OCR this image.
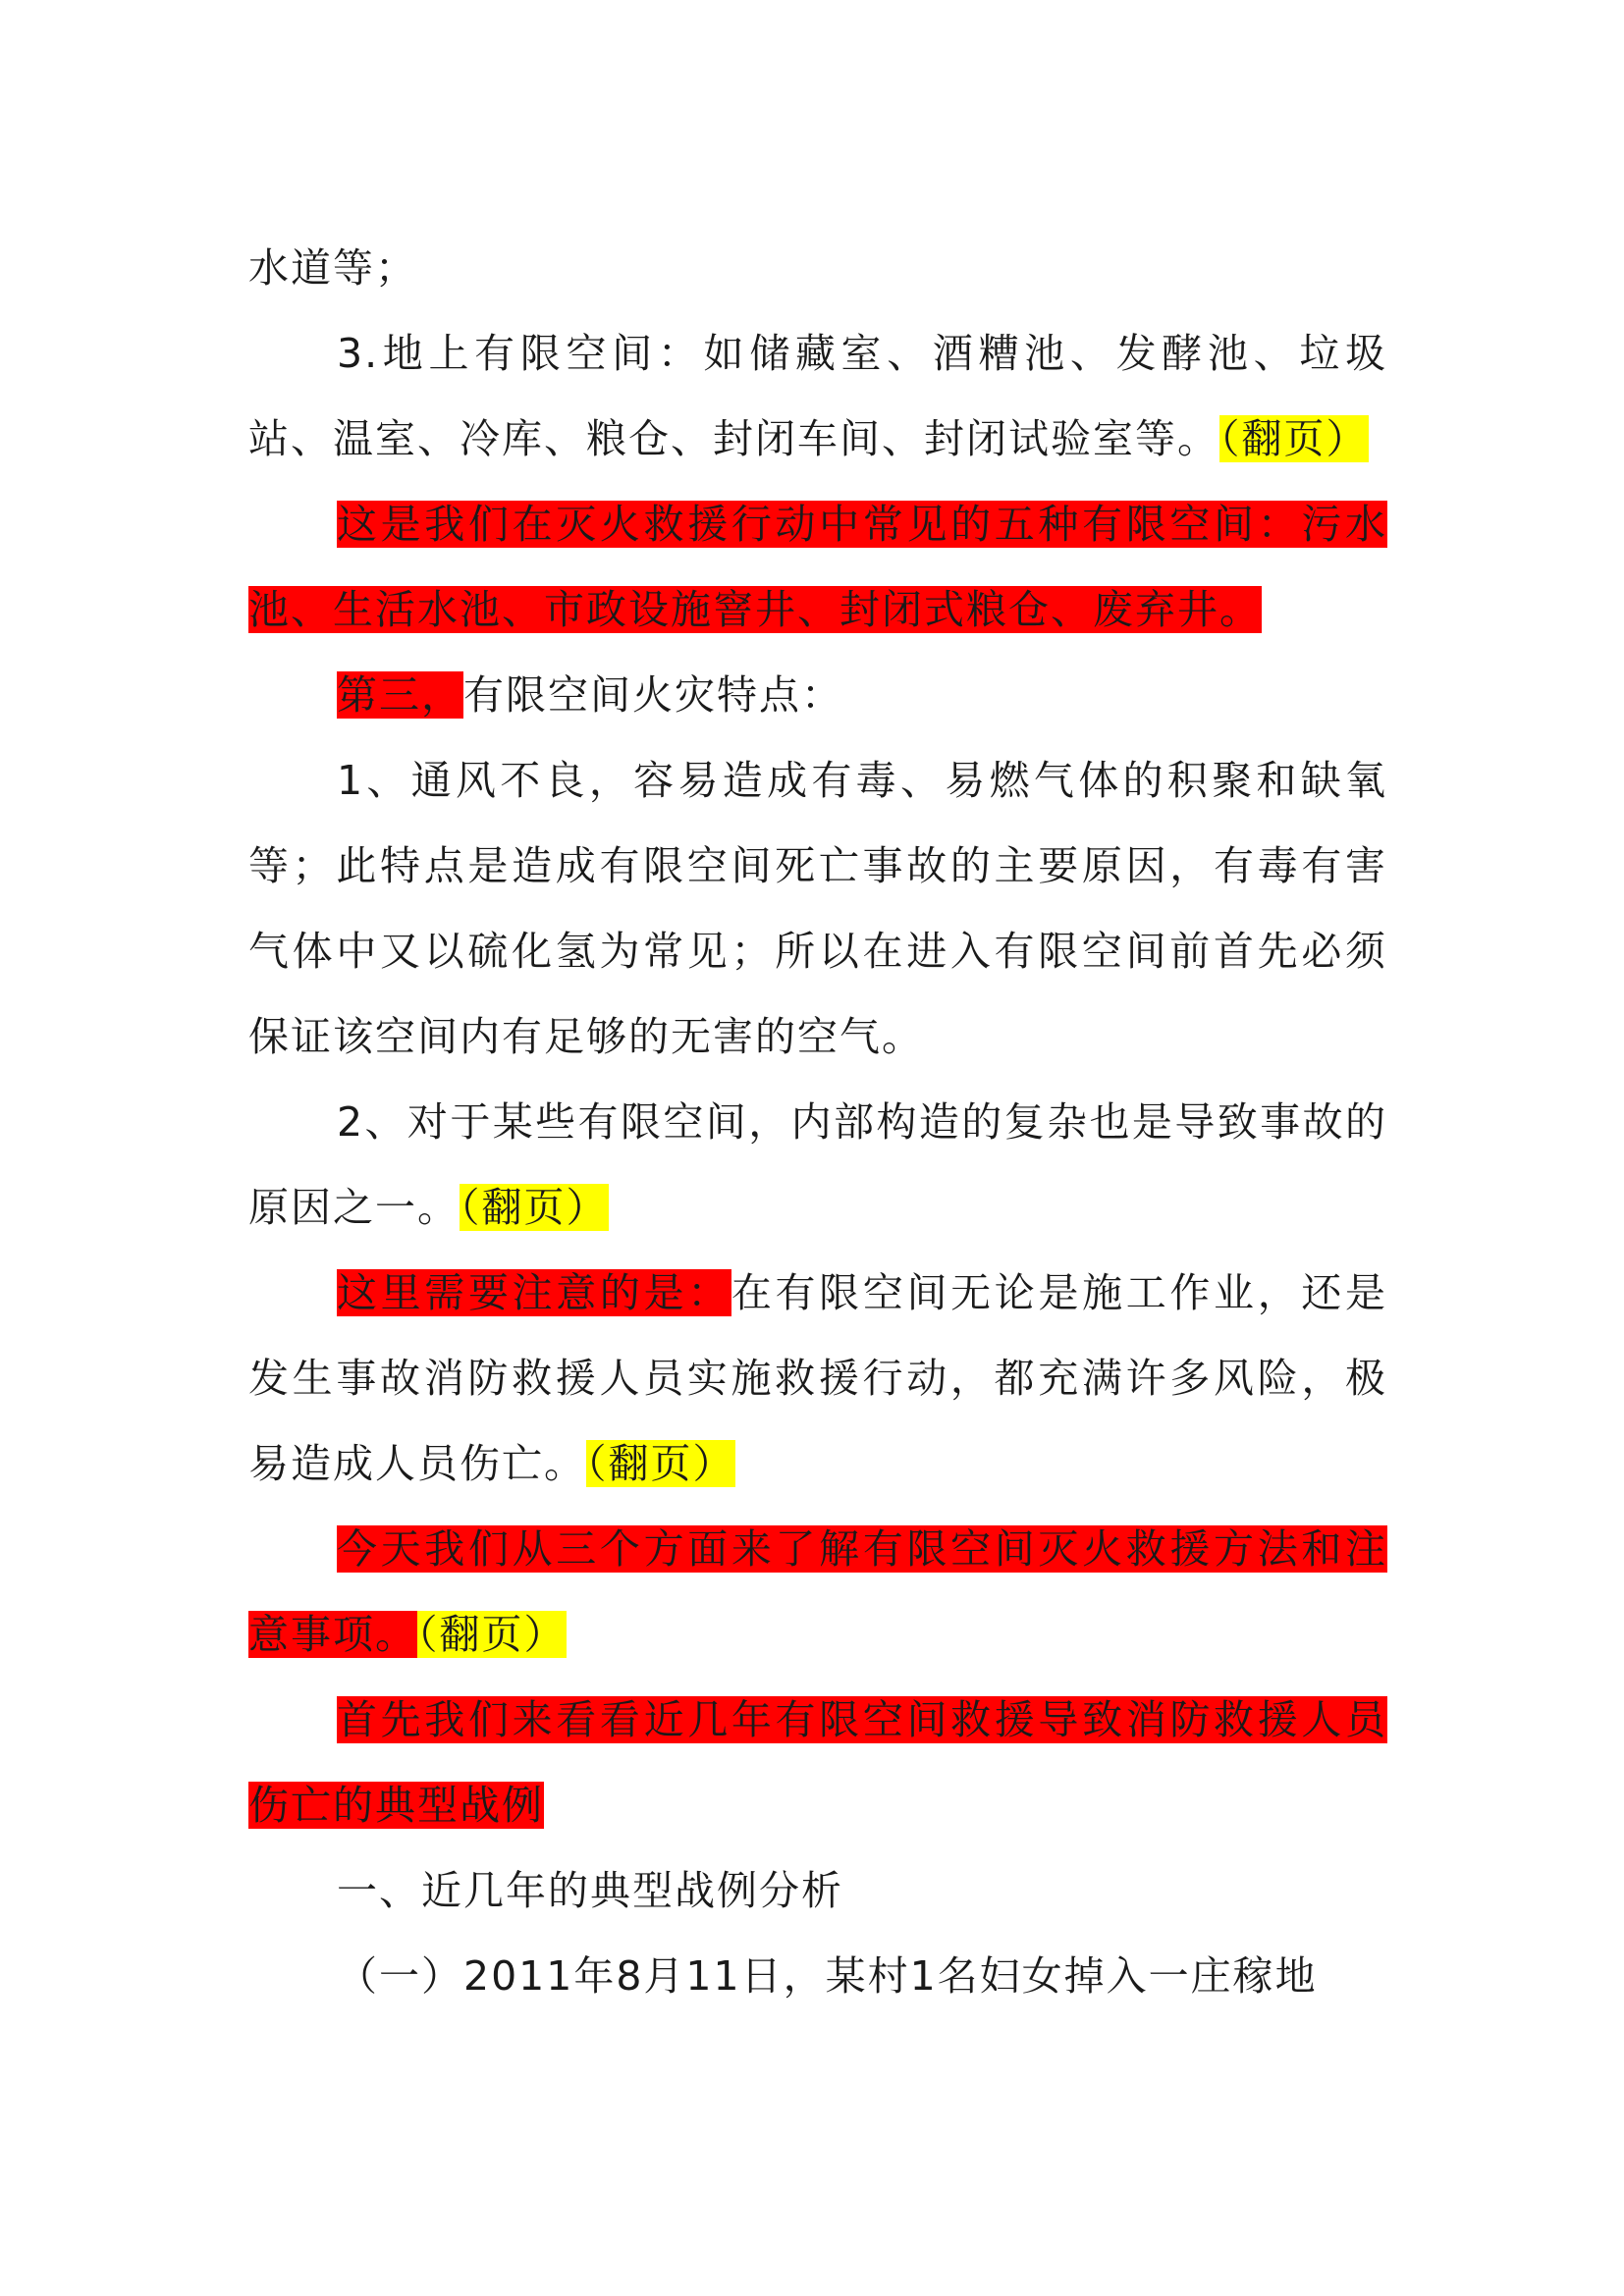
水道等；

3.地上有限空间：如储藏室、酒糟池、发酵池、垃圾站、温室、冷库、粮仓、封闭车间、封闭试验室等。（翻页）

这是我们在灭火救援行动中常见的五种有限空间：污水池、生活水池、市政设施窨井、封闭式粮仓、废弃井。

第三，有限空间火灾特点：

1、通风不良，容易造成有毒、易燃气体的积聚和缺氧等；此特点是造成有限空间死亡事故的主要原因，有毒有害气体中又以硫化氢为常见；所以在进入有限空间前首先必须保证该空间内有足够的无害的空气。

2、对于某些有限空间，内部构造的复杂也是导致事故的原因之一。（翻页）

这里需要注意的是：在有限空间无论是施工作业，还是发生事故消防救援人员实施救援行动，都充满许多风险，极易造成人员伤亡。（翻页）

今天我们从三个方面来了解有限空间灭火救援方法和注意事项。（翻页）

首先我们来看看近几年有限空间救援导致消防救援人员伤亡的典型战例

一、近几年的典型战例分析

（一）2011年8月11日，某村1名妇女掉入一庄稼地
